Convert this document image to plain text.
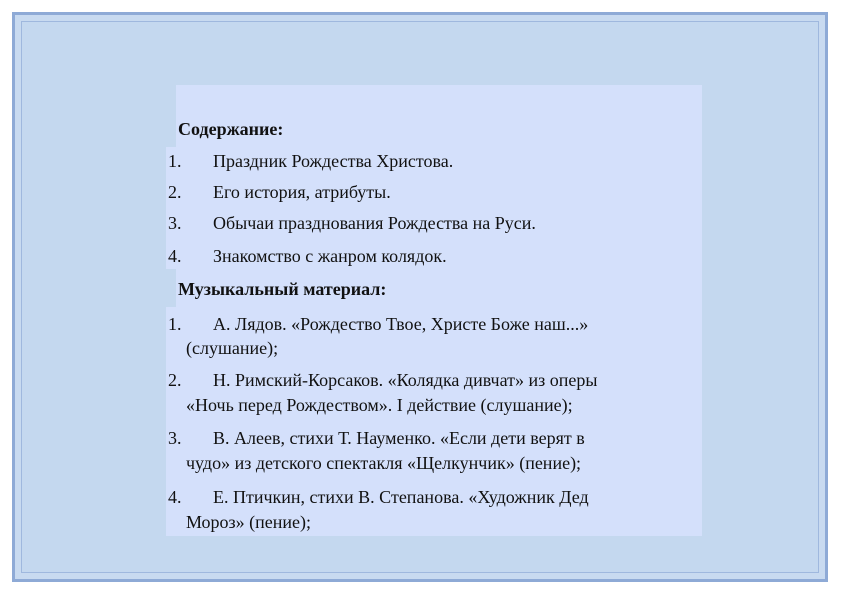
Содержание:
1. Праздник Рождества Христова.
2. Его история, атрибуты.
3. Обычаи празднования Рождества на Руси.
4. Знакомство с жанром колядок.
Музыкальный материал:
1. А. Лядов. «Рождество Твое, Христе Боже наш...»
(слушание);
2. Н. Римский-Корсаков. «Колядка дивчат» из оперы
«Ночь перед Рождеством». I действие (слушание);
3. В. Алеев, стихи Т. Науменко. «Если дети верят в
чудо» из детского спектакля «Щелкунчик» (пение);
4. Е. Птичкин, стихи В. Степанова. «Художник Дед
Мороз» (пение);
